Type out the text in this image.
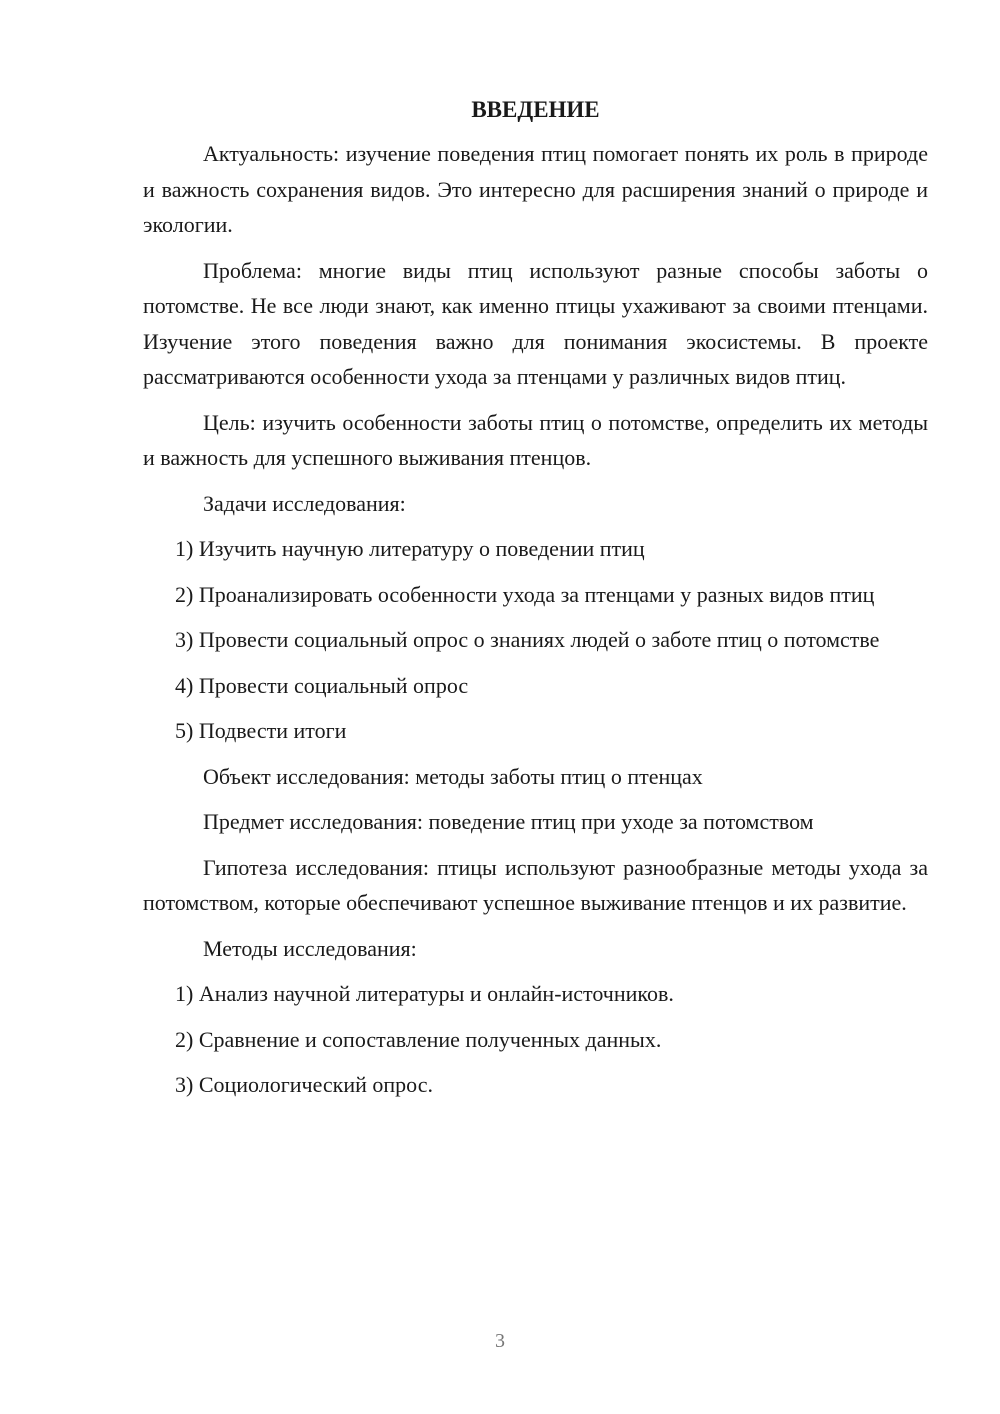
ВВЕДЕНИЕ

Актуальность: изучение поведения птиц помогает понять их роль в природе и важность сохранения видов. Это интересно для расширения знаний о природе и экологии.

Проблема: многие виды птиц используют разные способы заботы о потомстве. Не все люди знают, как именно птицы ухаживают за своими птенцами. Изучение этого поведения важно для понимания экосистемы. В проекте рассматриваются особенности ухода за птенцами у различных видов птиц.

Цель: изучить особенности заботы птиц о потомстве, определить их методы и важность для успешного выживания птенцов.

Задачи исследования:

1) Изучить научную литературу о поведении птиц

2) Проанализировать особенности ухода за птенцами у разных видов птиц

3) Провести социальный опрос о знаниях людей о заботе птиц о потомстве

4) Провести социальный опрос

5) Подвести итоги

Объект исследования: методы заботы птиц о птенцах

Предмет исследования: поведение птиц при уходе за потомством

Гипотеза исследования: птицы используют разнообразные методы ухода за потомством, которые обеспечивают успешное выживание птенцов и их развитие.

Методы исследования:

1) Анализ научной литературы и онлайн-источников.

2) Сравнение и сопоставление полученных данных.

3) Социологический опрос.

3
